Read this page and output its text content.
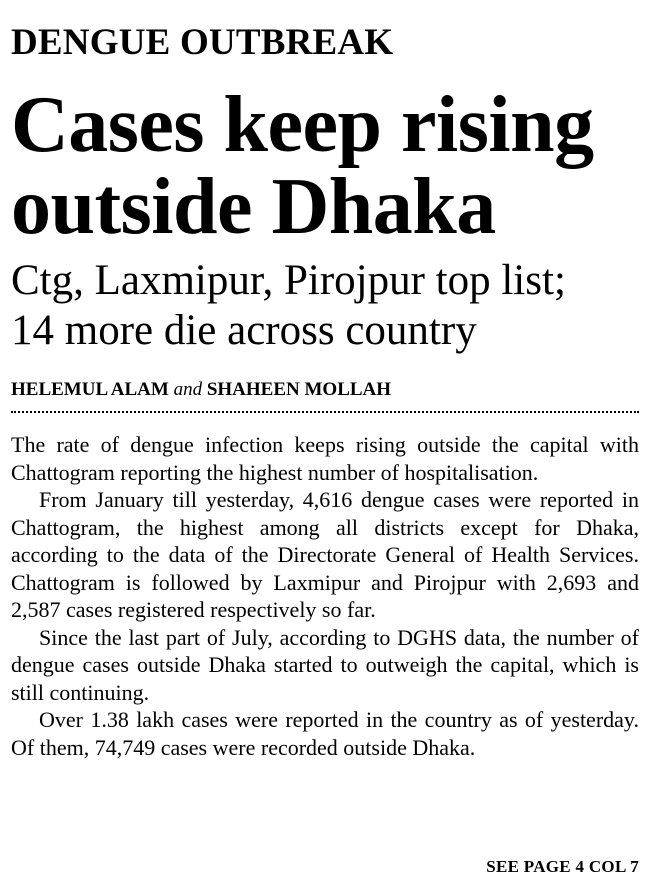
DENGUE OUTBREAK
Cases keep rising
outside Dhaka
Ctg, Laxmipur, Pirojpur top list;
14 more die across country
HELEMUL ALAM and SHAHEEN MOLLAH

The rate of dengue infection keeps rising outside the capital with Chattogram reporting the highest number of hospitalisation.

From January till yesterday, 4,616 dengue cases were reported in Chattogram, the highest among all districts except for Dhaka, according to the data of the Directorate General of Health Services. Chattogram is followed by Laxmipur and Pirojpur with 2,693 and 2,587 cases registered respectively so far.

Since the last part of July, according to DGHS data, the number of dengue cases outside Dhaka started to outweigh the capital, which is still continuing.

Over 1.38 lakh cases were reported in the country as of yesterday. Of them, 74,749 cases were recorded outside Dhaka.

SEE PAGE 4 COL 7
